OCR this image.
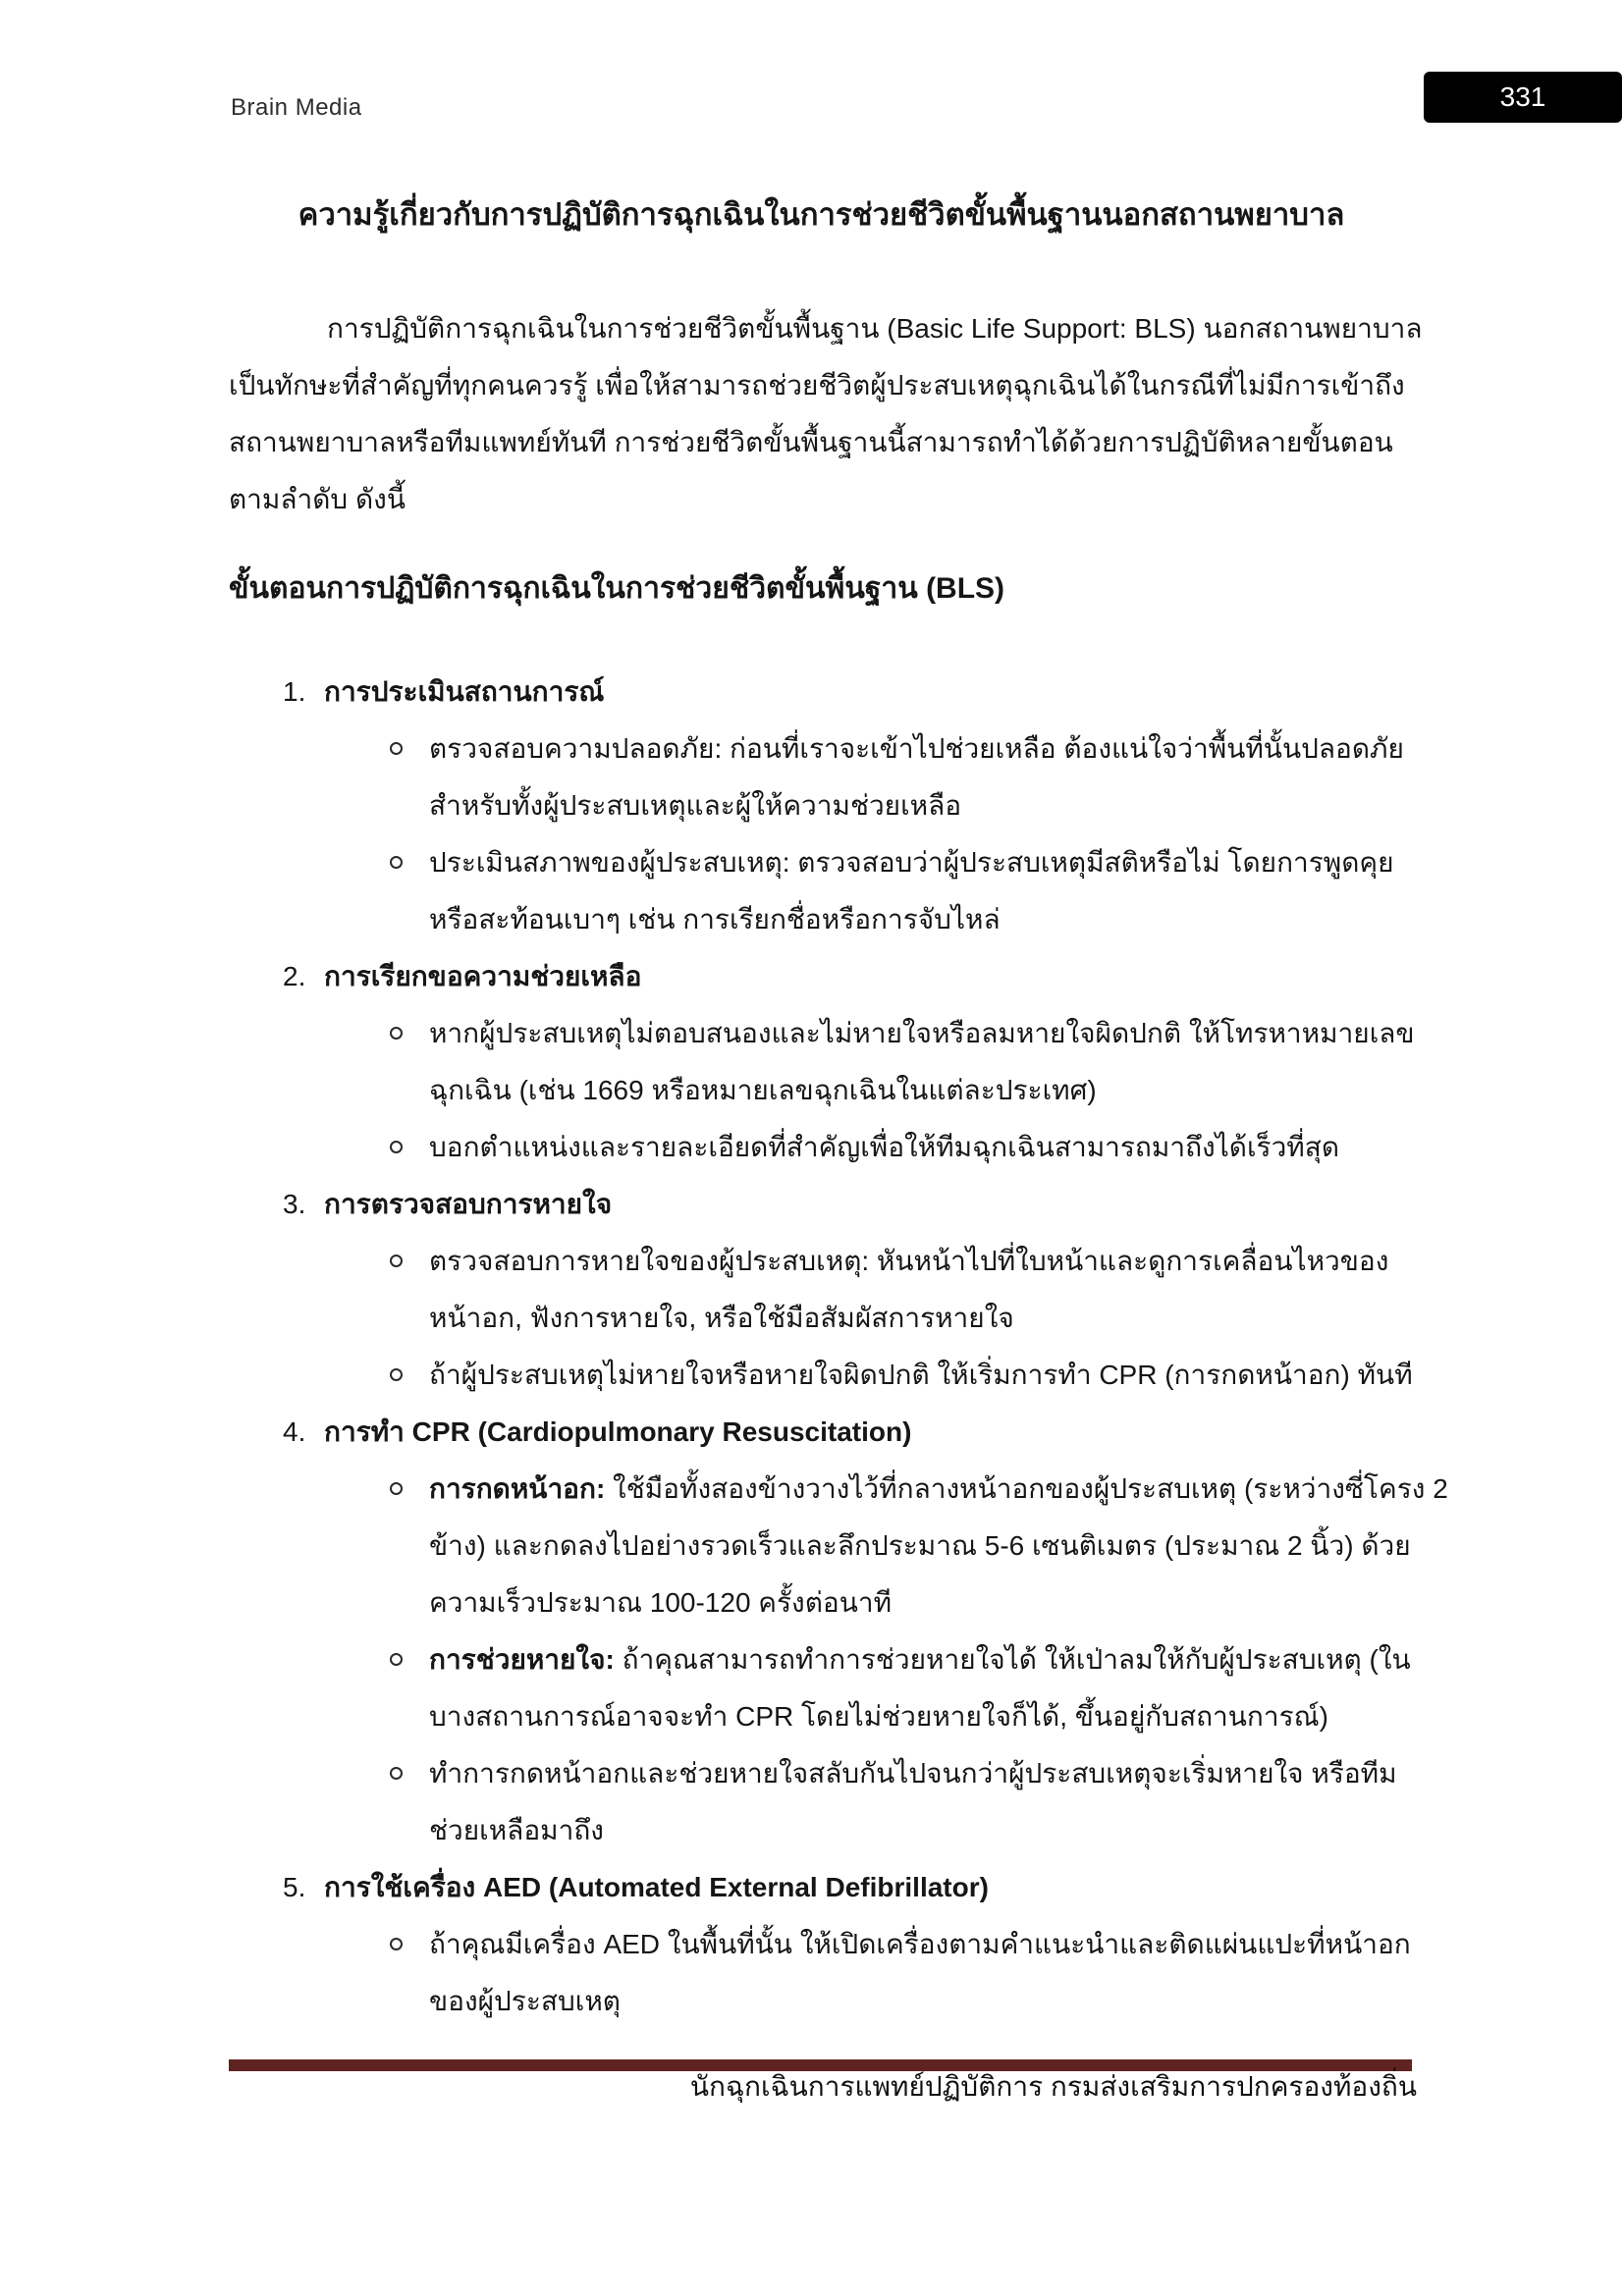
Brain Media	331
ความรู้เกี่ยวกับการปฏิบัติการฉุกเฉินในการช่วยชีวิตขั้นพื้นฐานนอกสถานพยาบาล
การปฏิบัติการฉุกเฉินในการช่วยชีวิตขั้นพื้นฐาน (Basic Life Support: BLS) นอกสถานพยาบาล
เป็นทักษะที่สำคัญที่ทุกคนควรรู้ เพื่อให้สามารถช่วยชีวิตผู้ประสบเหตุฉุกเฉินได้ในกรณีที่ไม่มีการเข้าถึง
สถานพยาบาลหรือทีมแพทย์ทันที การช่วยชีวิตขั้นพื้นฐานนี้สามารถทำได้ด้วยการปฏิบัติหลายขั้นตอน
ตามลำดับ ดังนี้
ขั้นตอนการปฏิบัติการฉุกเฉินในการช่วยชีวิตขั้นพื้นฐาน (BLS)
1. การประเมินสถานการณ์
ตรวจสอบความปลอดภัย: ก่อนที่เราจะเข้าไปช่วยเหลือ ต้องแน่ใจว่าพื้นที่นั้นปลอดภัย
สำหรับทั้งผู้ประสบเหตุและผู้ให้ความช่วยเหลือ
ประเมินสภาพของผู้ประสบเหตุ: ตรวจสอบว่าผู้ประสบเหตุมีสติหรือไม่ โดยการพูดคุย
หรือสะท้อนเบาๆ เช่น การเรียกชื่อหรือการจับไหล่
2. การเรียกขอความช่วยเหลือ
หากผู้ประสบเหตุไม่ตอบสนองและไม่หายใจหรือลมหายใจผิดปกติ ให้โทรหาหมายเลข
ฉุกเฉิน (เช่น 1669 หรือหมายเลขฉุกเฉินในแต่ละประเทศ)
บอกตำแหน่งและรายละเอียดที่สำคัญเพื่อให้ทีมฉุกเฉินสามารถมาถึงได้เร็วที่สุด
3. การตรวจสอบการหายใจ
ตรวจสอบการหายใจของผู้ประสบเหตุ: หันหน้าไปที่ใบหน้าและดูการเคลื่อนไหวของ
หน้าอก, ฟังการหายใจ, หรือใช้มือสัมผัสการหายใจ
ถ้าผู้ประสบเหตุไม่หายใจหรือหายใจผิดปกติ ให้เริ่มการทำ CPR (การกดหน้าอก) ทันที
4. การทำ CPR (Cardiopulmonary Resuscitation)
การกดหน้าอก: ใช้มือทั้งสองข้างวางไว้ที่กลางหน้าอกของผู้ประสบเหตุ (ระหว่างซี่โครง 2
ข้าง) และกดลงไปอย่างรวดเร็วและลึกประมาณ 5-6 เซนติเมตร (ประมาณ 2 นิ้ว) ด้วย
ความเร็วประมาณ 100-120 ครั้งต่อนาที
การช่วยหายใจ: ถ้าคุณสามารถทำการช่วยหายใจได้ ให้เป่าลมให้กับผู้ประสบเหตุ (ใน
บางสถานการณ์อาจจะทำ CPR โดยไม่ช่วยหายใจก็ได้, ขึ้นอยู่กับสถานการณ์)
ทำการกดหน้าอกและช่วยหายใจสลับกันไปจนกว่าผู้ประสบเหตุจะเริ่มหายใจ หรือทีม
ช่วยเหลือมาถึง
5. การใช้เครื่อง AED (Automated External Defibrillator)
ถ้าคุณมีเครื่อง AED ในพื้นที่นั้น ให้เปิดเครื่องตามคำแนะนำและติดแผ่นแปะที่หน้าอก
ของผู้ประสบเหตุ
นักฉุกเฉินการแพทย์ปฏิบัติการ กรมส่งเสริมการปกครองท้องถิ่น
